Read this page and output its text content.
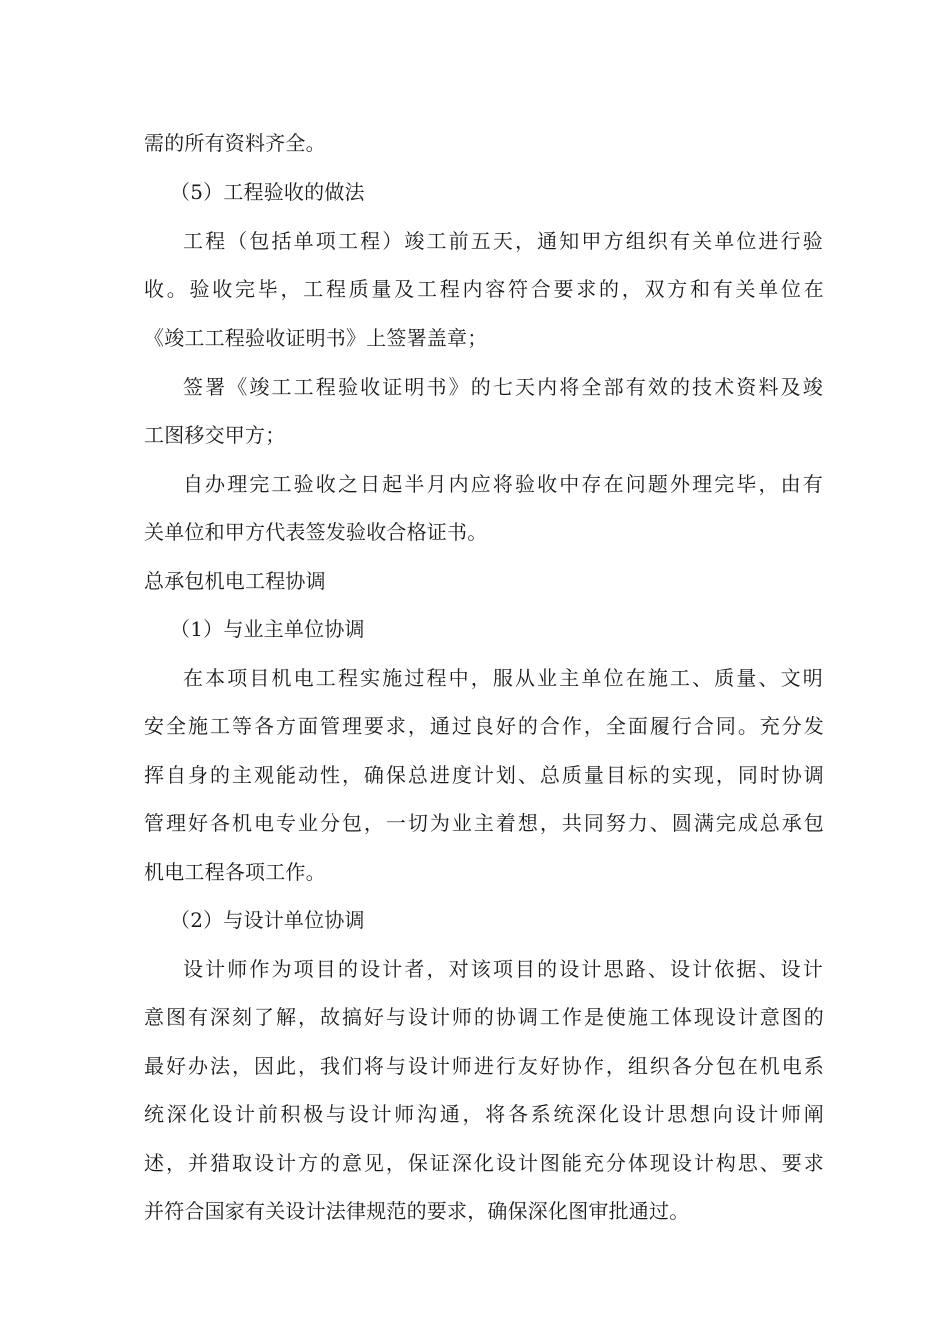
需的所有资料齐全。
（5）工程验收的做法
工程（包括单项工程）竣工前五天，通知甲方组织有关单位进行验
收。验收完毕，工程质量及工程内容符合要求的，双方和有关单位在
《竣工工程验收证明书》上签署盖章；
签署《竣工工程验收证明书》的七天内将全部有效的技术资料及竣
工图移交甲方；
自办理完工验收之日起半月内应将验收中存在问题外理完毕，由有
关单位和甲方代表签发验收合格证书。
总承包机电工程协调
（1）与业主单位协调
在本项目机电工程实施过程中，服从业主单位在施工、质量、文明
安全施工等各方面管理要求，通过良好的合作，全面履行合同。充分发
挥自身的主观能动性，确保总进度计划、总质量目标的实现，同时协调
管理好各机电专业分包，一切为业主着想，共同努力、圆满完成总承包
机电工程各项工作。
（2）与设计单位协调
设计师作为项目的设计者，对该项目的设计思路、设计依据、设计
意图有深刻了解，故搞好与设计师的协调工作是使施工体现设计意图的
最好办法，因此，我们将与设计师进行友好协作，组织各分包在机电系
统深化设计前积极与设计师沟通，将各系统深化设计思想向设计师阐
述，并猎取设计方的意见，保证深化设计图能充分体现设计构思、要求
并符合国家有关设计法律规范的要求，确保深化图审批通过。
